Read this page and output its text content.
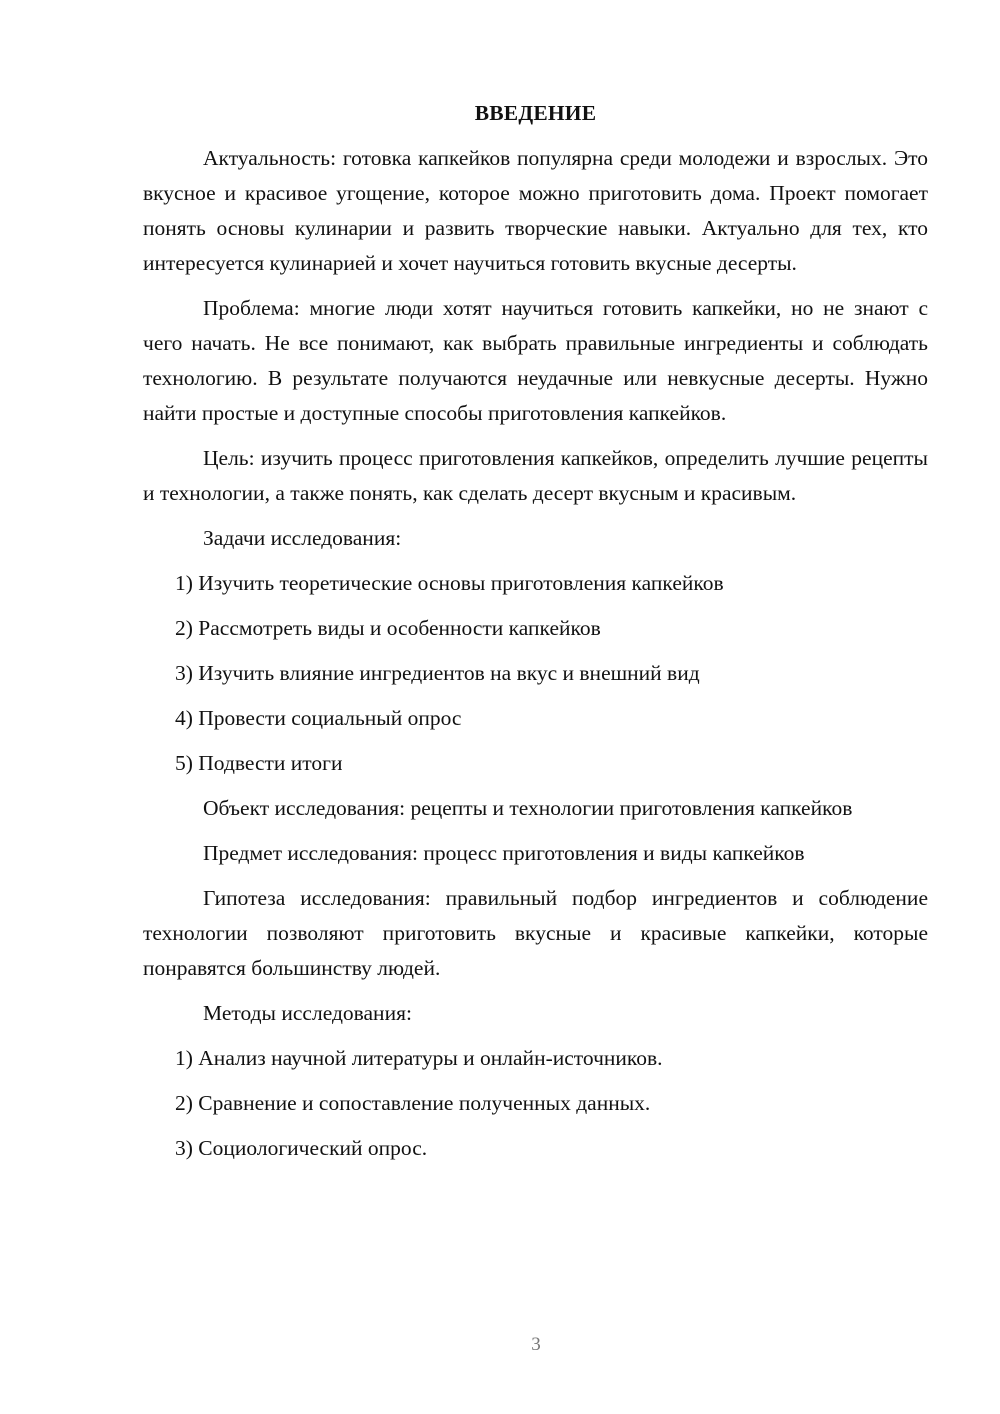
ВВЕДЕНИЕ

Актуальность: готовка капкейков популярна среди молодежи и взрослых. Это вкусное и красивое угощение, которое можно приготовить дома. Проект помогает понять основы кулинарии и развить творческие навыки. Актуально для тех, кто интересуется кулинарией и хочет научиться готовить вкусные десерты.

Проблема: многие люди хотят научиться готовить капкейки, но не знают с чего начать. Не все понимают, как выбрать правильные ингредиенты и соблюдать технологию. В результате получаются неудачные или невкусные десерты. Нужно найти простые и доступные способы приготовления капкейков.

Цель: изучить процесс приготовления капкейков, определить лучшие рецепты и технологии, а также понять, как сделать десерт вкусным и красивым.

Задачи исследования:

1) Изучить теоретические основы приготовления капкейков
2) Рассмотреть виды и особенности капкейков
3) Изучить влияние ингредиентов на вкус и внешний вид
4) Провести социальный опрос
5) Подвести итоги

Объект исследования: рецепты и технологии приготовления капкейков

Предмет исследования: процесс приготовления и виды капкейков

Гипотеза исследования: правильный подбор ингредиентов и соблюдение технологии позволяют приготовить вкусные и красивые капкейки, которые понравятся большинству людей.

Методы исследования:

1) Анализ научной литературы и онлайн-источников.
2) Сравнение и сопоставление полученных данных.
3) Социологический опрос.
3
